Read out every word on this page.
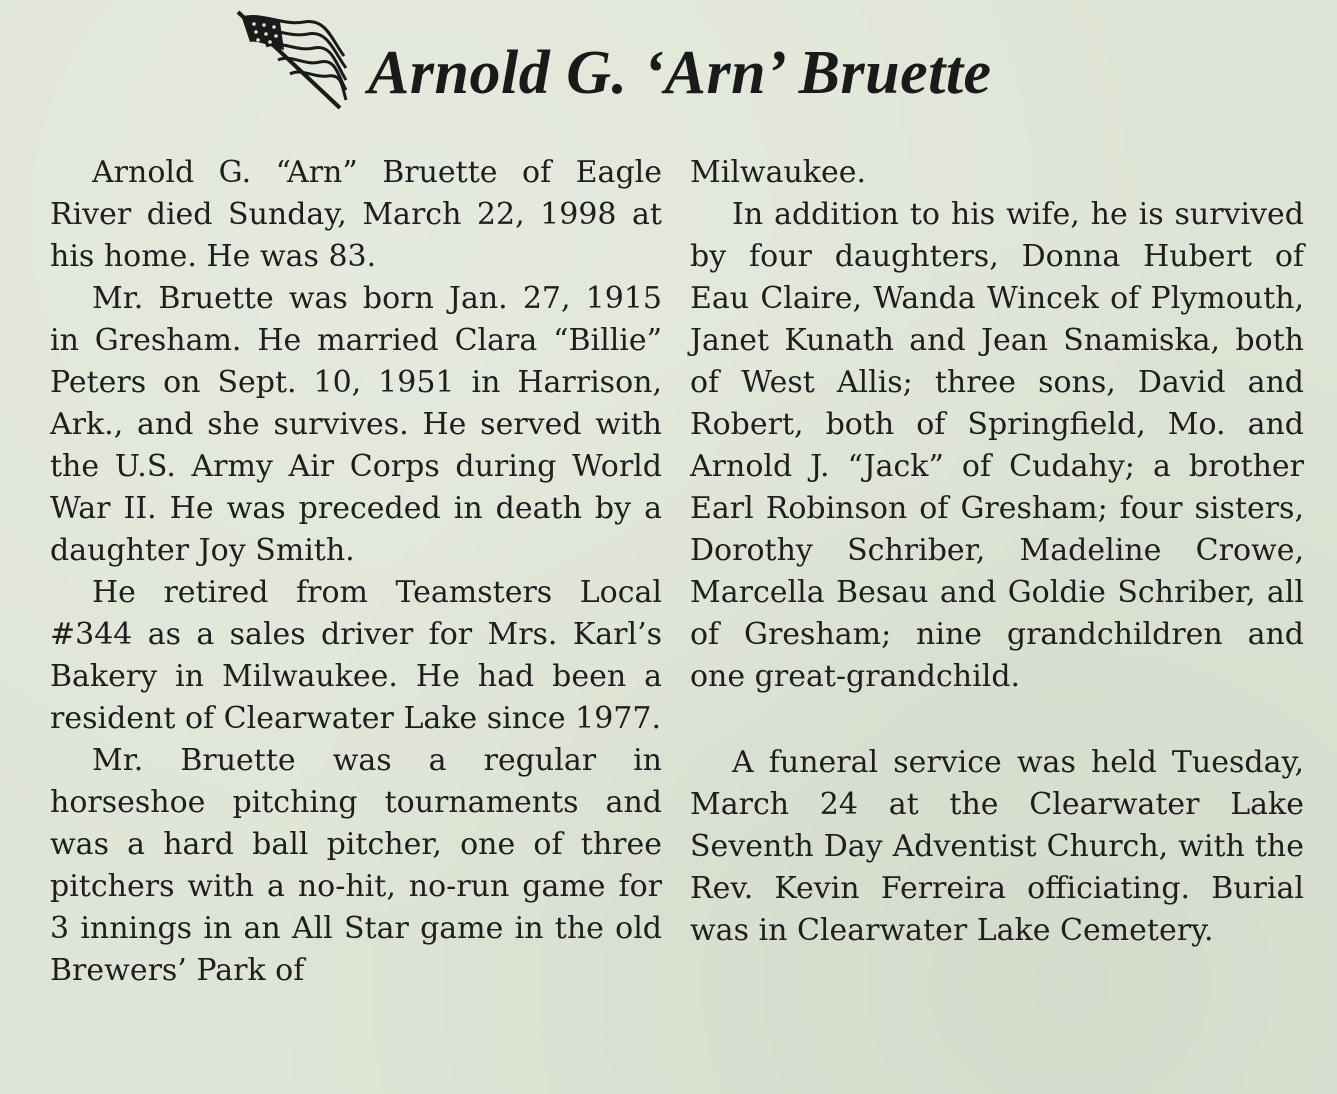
Arnold G. ‘Arn’ Bruette

Arnold G. “Arn” Bruette of Eagle River died Sunday, March 22, 1998 at his home. He was 83.

Mr. Bruette was born Jan. 27, 1915 in Gresham. He married Clara “Billie” Peters on Sept. 10, 1951 in Harrison, Ark., and she survives. He served with the U.S. Army Air Corps during World War II. He was preceded in death by a daughter Joy Smith.

He retired from Teamsters Local #344 as a sales driver for Mrs. Karl’s Bakery in Milwaukee. He had been a resident of Clearwater Lake since 1977.

Mr. Bruette was a regular in horseshoe pitching tournaments and was a hard ball pitcher, one of three pitchers with a no-hit, no-run game for 3 innings in an All Star game in the old Brewers’ Park of

Milwaukee.

In addition to his wife, he is survived by four daughters, Donna Hubert of Eau Claire, Wanda Wincek of Plymouth, Janet Kunath and Jean Snamiska, both of West Allis; three sons, David and Robert, both of Springfield, Mo. and Arnold J. “Jack” of Cudahy; a brother Earl Robinson of Gresham; four sisters, Dorothy Schriber, Madeline Crowe, Marcella Besau and Goldie Schriber, all of Gresham; nine grandchildren and one great-grandchild.

A funeral service was held Tuesday, March 24 at the Clearwater Lake Seventh Day Adventist Church, with the Rev. Kevin Ferreira officiating. Burial was in Clearwater Lake Cemetery.
